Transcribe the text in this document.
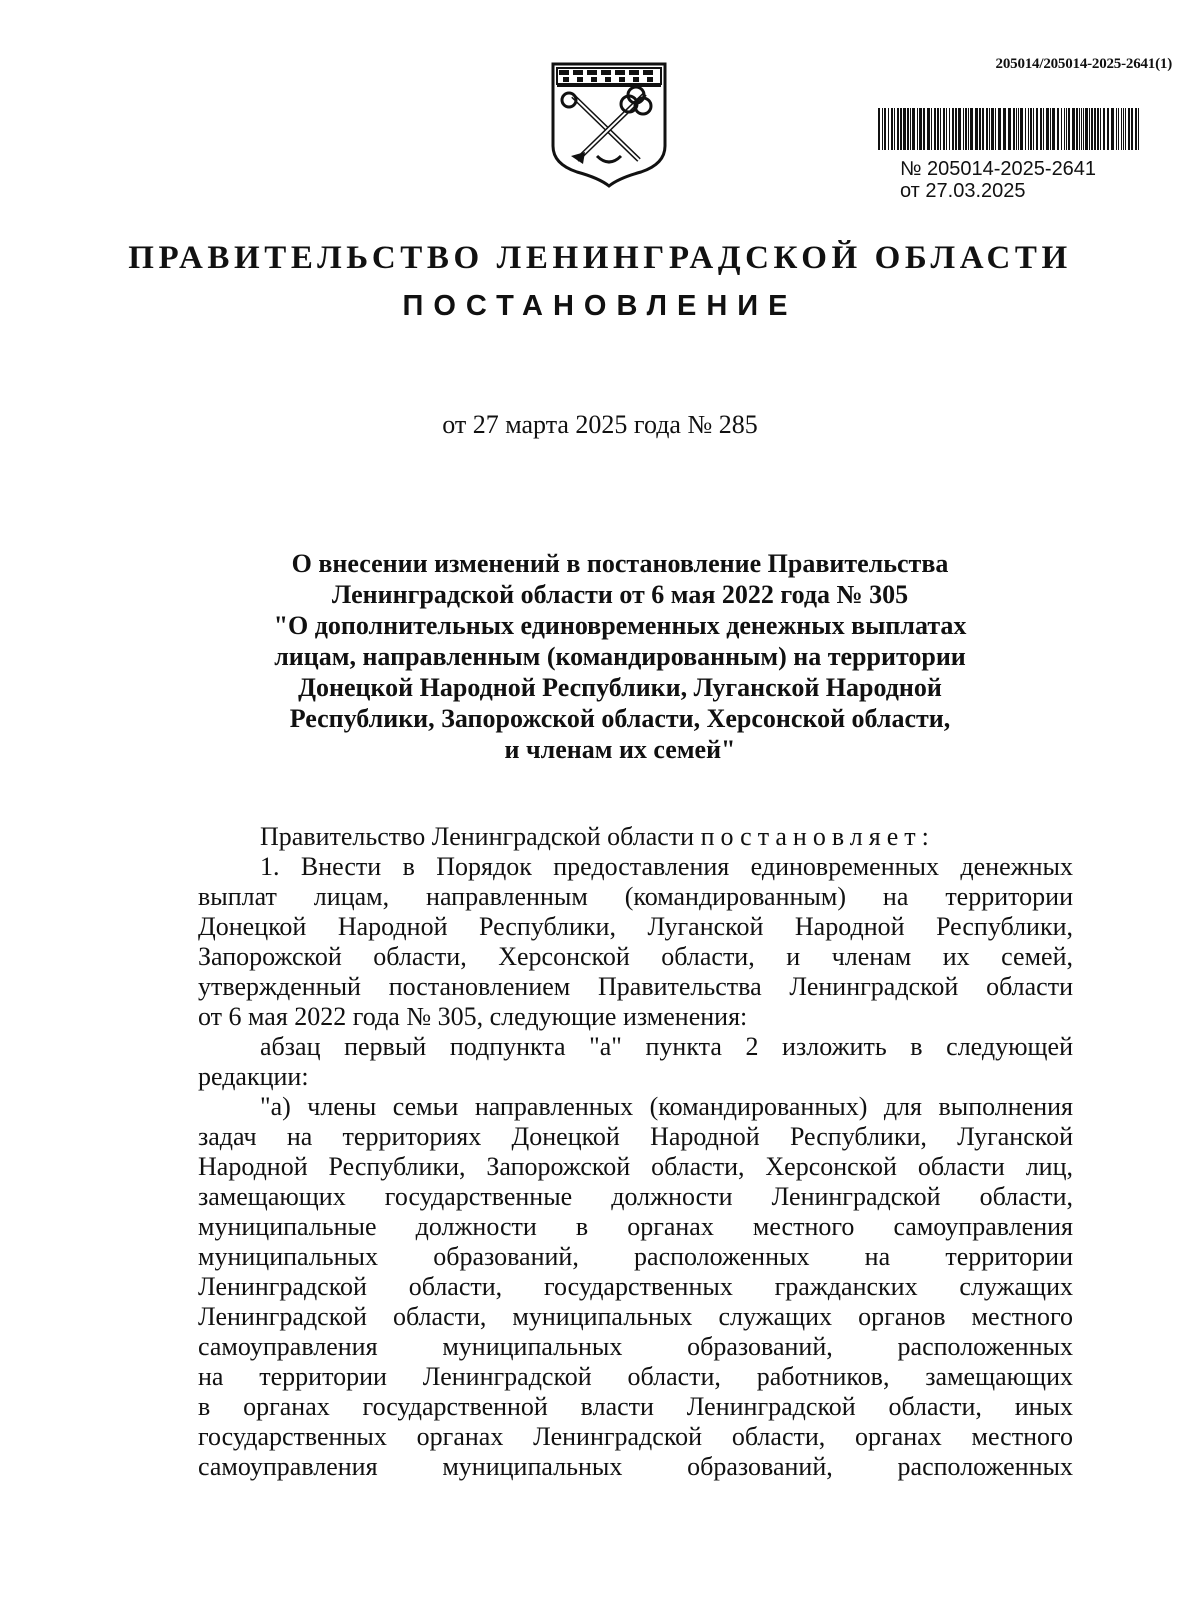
205014/205014-2025-2641(1)
№ 205014-2025-2641
от 27.03.2025
ПРАВИТЕЛЬСТВО ЛЕНИНГРАДСКОЙ ОБЛАСТИ
ПОСТАНОВЛЕНИЕ
от 27 марта 2025 года № 285
О внесении изменений в постановление Правительства
Ленинградской области от 6 мая 2022 года № 305
"О дополнительных единовременных денежных выплатах
лицам, направленным (командированным) на территории
Донецкой Народной Республики, Луганской Народной
Республики, Запорожской области, Херсонской области,
и членам их семей"
Правительство Ленинградской области постановляет:
1. Внести в Порядок предоставления единовременных денежных
выплат лицам, направленным (командированным) на территории
Донецкой Народной Республики, Луганской Народной Республики,
Запорожской области, Херсонской области, и членам их семей,
утвержденный постановлением Правительства Ленинградской области
от 6 мая 2022 года № 305, следующие изменения:
абзац первый подпункта "а" пункта 2 изложить в следующей
редакции:
"а) члены семьи направленных (командированных) для выполнения
задач на территориях Донецкой Народной Республики, Луганской
Народной Республики, Запорожской области, Херсонской области лиц,
замещающих государственные должности Ленинградской области,
муниципальные должности в органах местного самоуправления
муниципальных образований, расположенных на территории
Ленинградской области, государственных гражданских служащих
Ленинградской области, муниципальных служащих органов местного
самоуправления муниципальных образований, расположенных
на территории Ленинградской области, работников, замещающих
в органах государственной власти Ленинградской области, иных
государственных органах Ленинградской области, органах местного
самоуправления муниципальных образований, расположенных
